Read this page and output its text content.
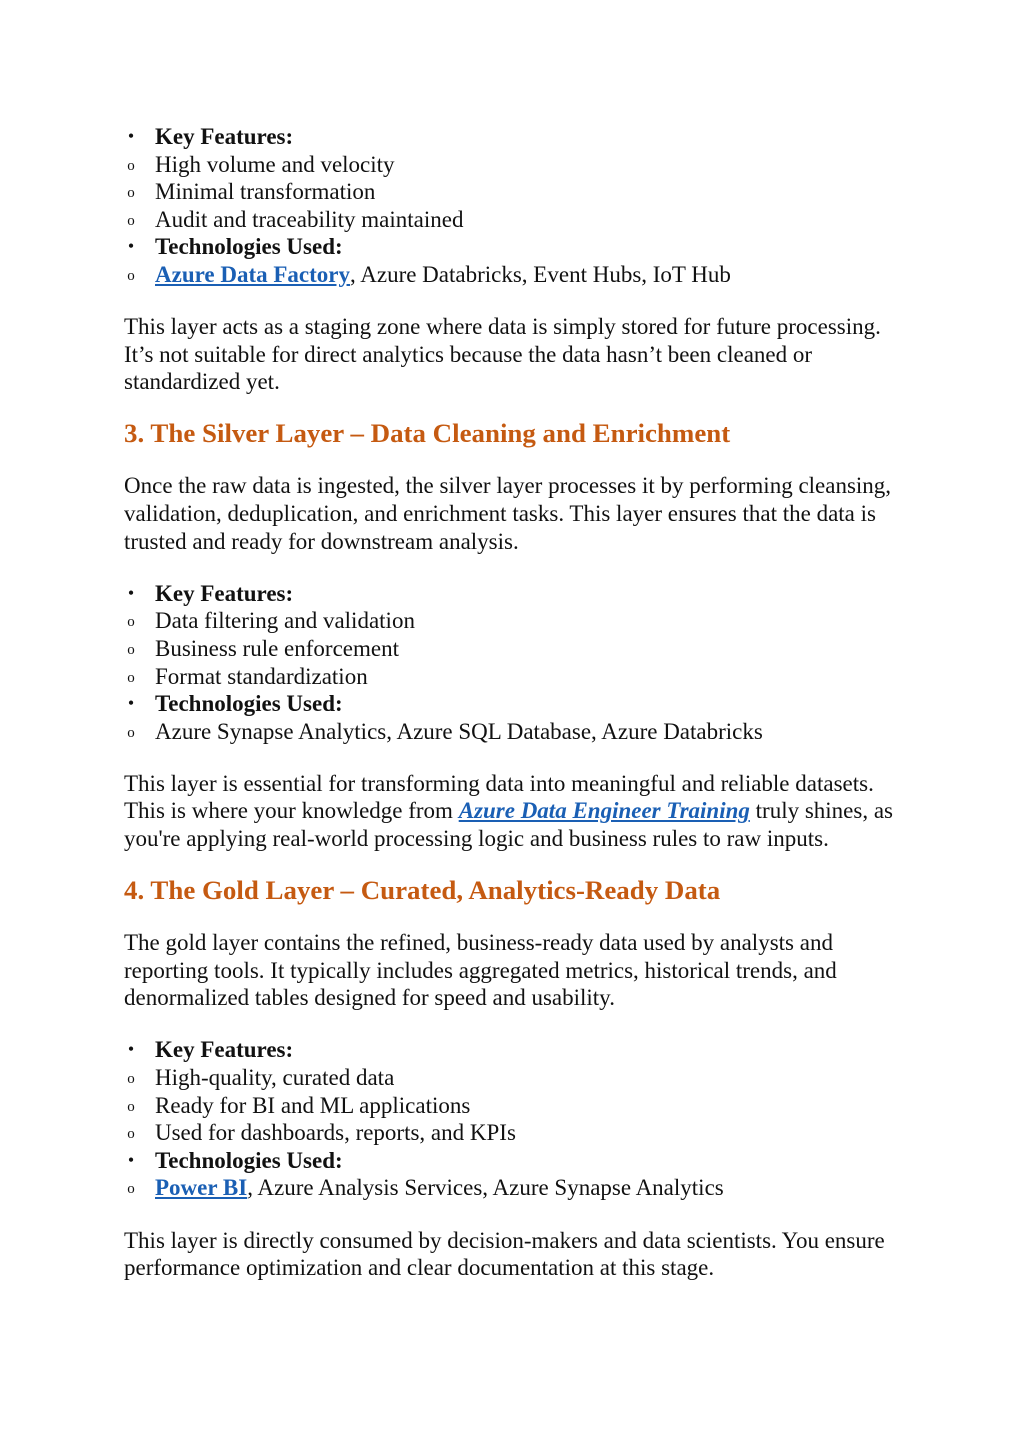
• Key Features:
o High volume and velocity
o Minimal transformation
o Audit and traceability maintained
• Technologies Used:
o Azure Data Factory, Azure Databricks, Event Hubs, IoT Hub

This layer acts as a staging zone where data is simply stored for future processing. It’s not suitable for direct analytics because the data hasn’t been cleaned or standardized yet.

3. The Silver Layer – Data Cleaning and Enrichment

Once the raw data is ingested, the silver layer processes it by performing cleansing, validation, deduplication, and enrichment tasks. This layer ensures that the data is trusted and ready for downstream analysis.

• Key Features:
o Data filtering and validation
o Business rule enforcement
o Format standardization
• Technologies Used:
o Azure Synapse Analytics, Azure SQL Database, Azure Databricks

This layer is essential for transforming data into meaningful and reliable datasets. This is where your knowledge from Azure Data Engineer Training truly shines, as you're applying real-world processing logic and business rules to raw inputs.

4. The Gold Layer – Curated, Analytics-Ready Data

The gold layer contains the refined, business-ready data used by analysts and reporting tools. It typically includes aggregated metrics, historical trends, and denormalized tables designed for speed and usability.

• Key Features:
o High-quality, curated data
o Ready for BI and ML applications
o Used for dashboards, reports, and KPIs
• Technologies Used:
o Power BI, Azure Analysis Services, Azure Synapse Analytics

This layer is directly consumed by decision-makers and data scientists. You ensure performance optimization and clear documentation at this stage.
